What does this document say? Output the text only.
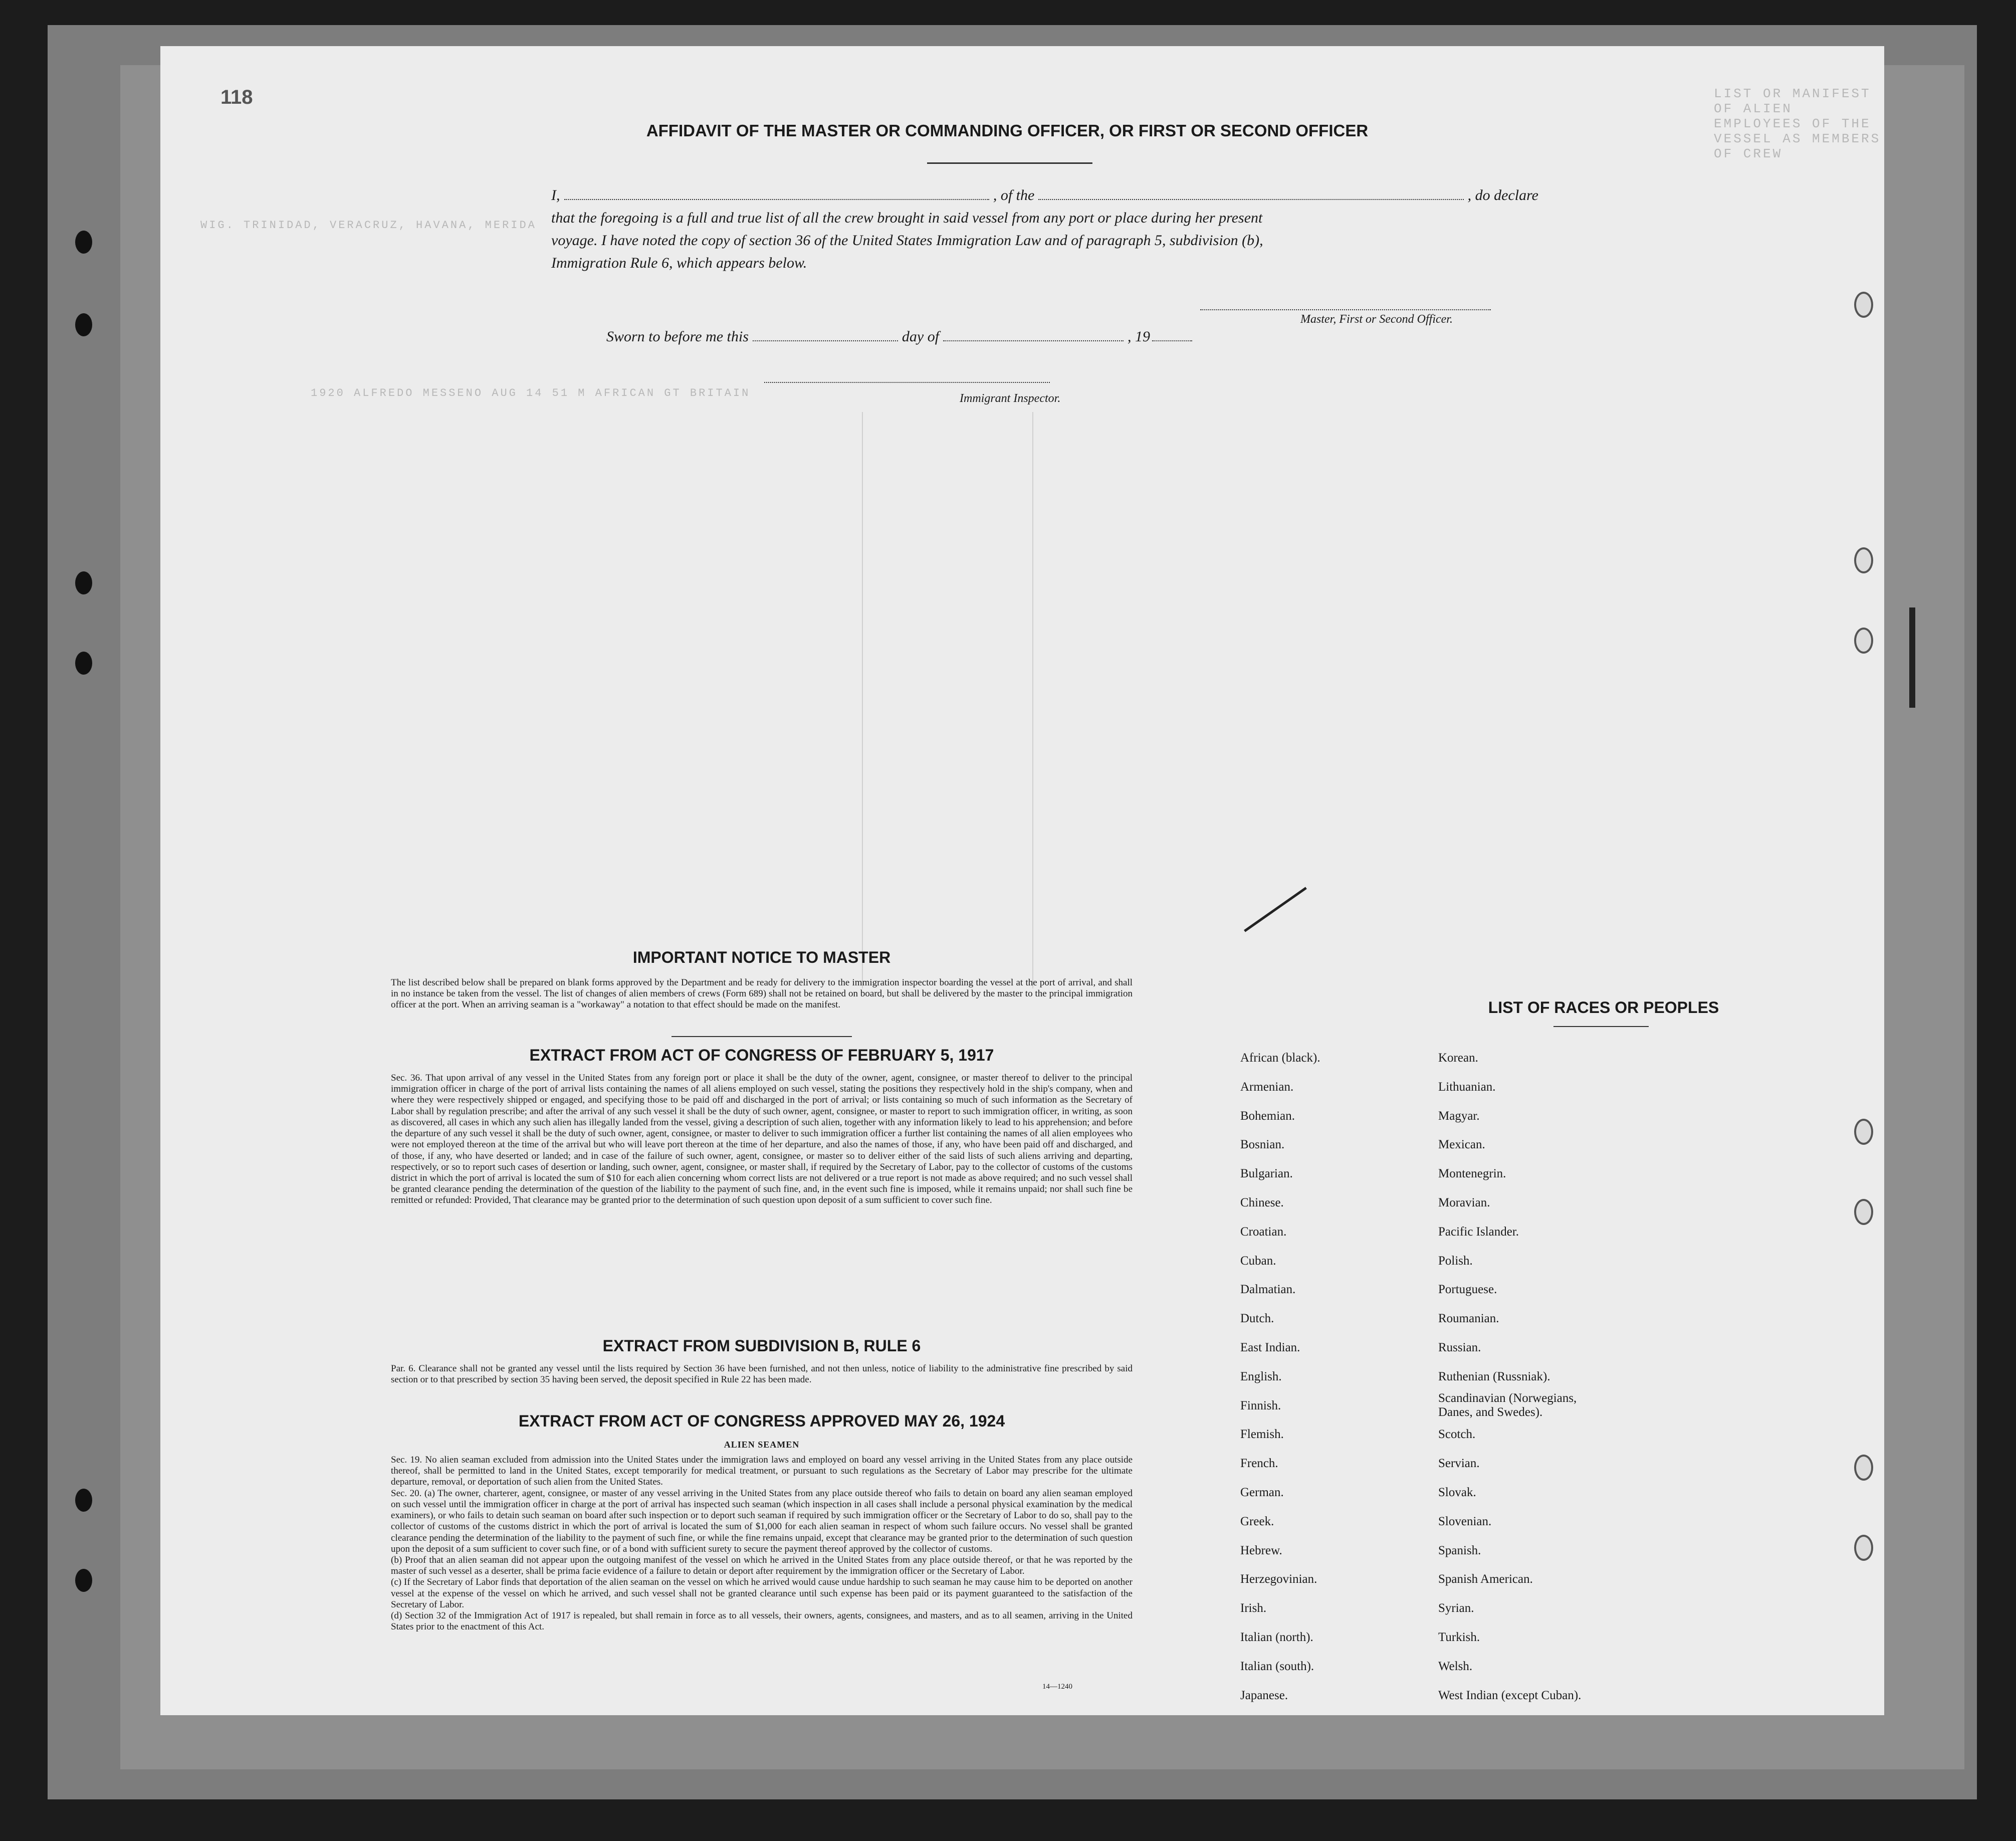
LIST OR MANIFEST OF ALIEN EMPLOYEES OF THE VESSEL AS MEMBERS OF CREW
118
AFFIDAVIT OF THE MASTER OR COMMANDING OFFICER, OR FIRST OR SECOND OFFICER
I,	, of the	, do declare
that the foregoing is a full and true list of all the crew brought in said vessel from any port or place during her present
voyage. I have noted the copy of section 36 of the United States Immigration Law and of paragraph 5, subdivision (b),
Immigration Rule 6, which appears below.
Master, First or Second Officer.
Sworn to before me this	day of	, 19
Immigrant Inspector.
WIG. TRINIDAD, VERACRUZ, HAVANA, MERIDA
1920 ALFREDO MESSENO AUG 14 51 M AFRICAN GT BRITAIN
IMPORTANT NOTICE TO MASTER
The list described below shall be prepared on blank forms approved by the Department and be ready for delivery to the immigration inspector boarding the vessel at the port of arrival, and shall in no instance be taken from the vessel. The list of changes of alien members of crews (Form 689) shall not be retained on board, but shall be delivered by the master to the principal immigration officer at the port. When an arriving seaman is a "workaway" a notation to that effect should be made on the manifest.
EXTRACT FROM ACT OF CONGRESS OF FEBRUARY 5, 1917
Sec. 36. That upon arrival of any vessel in the United States from any foreign port or place it shall be the duty of the owner, agent, consignee, or master thereof to deliver to the principal immigration officer in charge of the port of arrival lists containing the names of all aliens employed on such vessel, stating the positions they respectively hold in the ship's company, when and where they were respectively shipped or engaged, and specifying those to be paid off and discharged in the port of arrival; or lists containing so much of such information as the Secretary of Labor shall by regulation prescribe; and after the arrival of any such vessel it shall be the duty of such owner, agent, consignee, or master to report to such immigration officer, in writing, as soon as discovered, all cases in which any such alien has illegally landed from the vessel, giving a description of such alien, together with any information likely to lead to his apprehension; and before the departure of any such vessel it shall be the duty of such owner, agent, consignee, or master to deliver to such immigration officer a further list containing the names of all alien employees who were not employed thereon at the time of the arrival but who will leave port thereon at the time of her departure, and also the names of those, if any, who have been paid off and discharged, and of those, if any, who have deserted or landed; and in case of the failure of such owner, agent, consignee, or master so to deliver either of the said lists of such aliens arriving and departing, respectively, or so to report such cases of desertion or landing, such owner, agent, consignee, or master shall, if required by the Secretary of Labor, pay to the collector of customs of the customs district in which the port of arrival is located the sum of $10 for each alien concerning whom correct lists are not delivered or a true report is not made as above required; and no such vessel shall be granted clearance pending the determination of the question of the liability to the payment of such fine, and, in the event such fine is imposed, while it remains unpaid; nor shall such fine be remitted or refunded: Provided, That clearance may be granted prior to the determination of such question upon deposit of a sum sufficient to cover such fine.
EXTRACT FROM SUBDIVISION B, RULE 6
Par. 6. Clearance shall not be granted any vessel until the lists required by Section 36 have been furnished, and not then unless, notice of liability to the administrative fine prescribed by said section or to that prescribed by section 35 having been served, the deposit specified in Rule 22 has been made.
EXTRACT FROM ACT OF CONGRESS APPROVED MAY 26, 1924
ALIEN SEAMEN
Sec. 19. No alien seaman excluded from admission into the United States under the immigration laws and employed on board any vessel arriving in the United States from any place outside thereof, shall be permitted to land in the United States, except temporarily for medical treatment, or pursuant to such regulations as the Secretary of Labor may prescribe for the ultimate departure, removal, or deportation of such alien from the United States.
Sec. 20. (a) The owner, charterer, agent, consignee, or master of any vessel arriving in the United States from any place outside thereof who fails to detain on board any alien seaman employed on such vessel until the immigration officer in charge at the port of arrival has inspected such seaman (which inspection in all cases shall include a personal physical examination by the medical examiners), or who fails to detain such seaman on board after such inspection or to deport such seaman if required by such immigration officer or the Secretary of Labor to do so, shall pay to the collector of customs of the customs district in which the port of arrival is located the sum of $1,000 for each alien seaman in respect of whom such failure occurs. No vessel shall be granted clearance pending the determination of the liability to the payment of such fine, or while the fine remains unpaid, except that clearance may be granted prior to the determination of such question upon the deposit of a sum sufficient to cover such fine, or of a bond with sufficient surety to secure the payment thereof approved by the collector of customs.
(b) Proof that an alien seaman did not appear upon the outgoing manifest of the vessel on which he arrived in the United States from any place outside thereof, or that he was reported by the master of such vessel as a deserter, shall be prima facie evidence of a failure to detain or deport after requirement by the immigration officer or the Secretary of Labor.
(c) If the Secretary of Labor finds that deportation of the alien seaman on the vessel on which he arrived would cause undue hardship to such seaman he may cause him to be deported on another vessel at the expense of the vessel on which he arrived, and such vessel shall not be granted clearance until such expense has been paid or its payment guaranteed to the satisfaction of the Secretary of Labor.
(d) Section 32 of the Immigration Act of 1917 is repealed, but shall remain in force as to all vessels, their owners, agents, consignees, and masters, and as to all seamen, arriving in the United States prior to the enactment of this Act.
14—1240
LIST OF RACES OR PEOPLES
African (black).
Armenian.
Bohemian.
Bosnian.
Bulgarian.
Chinese.
Croatian.
Cuban.
Dalmatian.
Dutch.
East Indian.
English.
Finnish.
Flemish.
French.
German.
Greek.
Hebrew.
Herzegovinian.
Irish.
Italian (north).
Italian (south).
Japanese.
Korean.
Lithuanian.
Magyar.
Mexican.
Montenegrin.
Moravian.
Pacific Islander.
Polish.
Portuguese.
Roumanian.
Russian.
Ruthenian (Russniak).
Scandinavian (Norwegians,
Danes, and Swedes).
Scotch.
Servian.
Slovak.
Slovenian.
Spanish.
Spanish American.
Syrian.
Turkish.
Welsh.
West Indian (except Cuban).
